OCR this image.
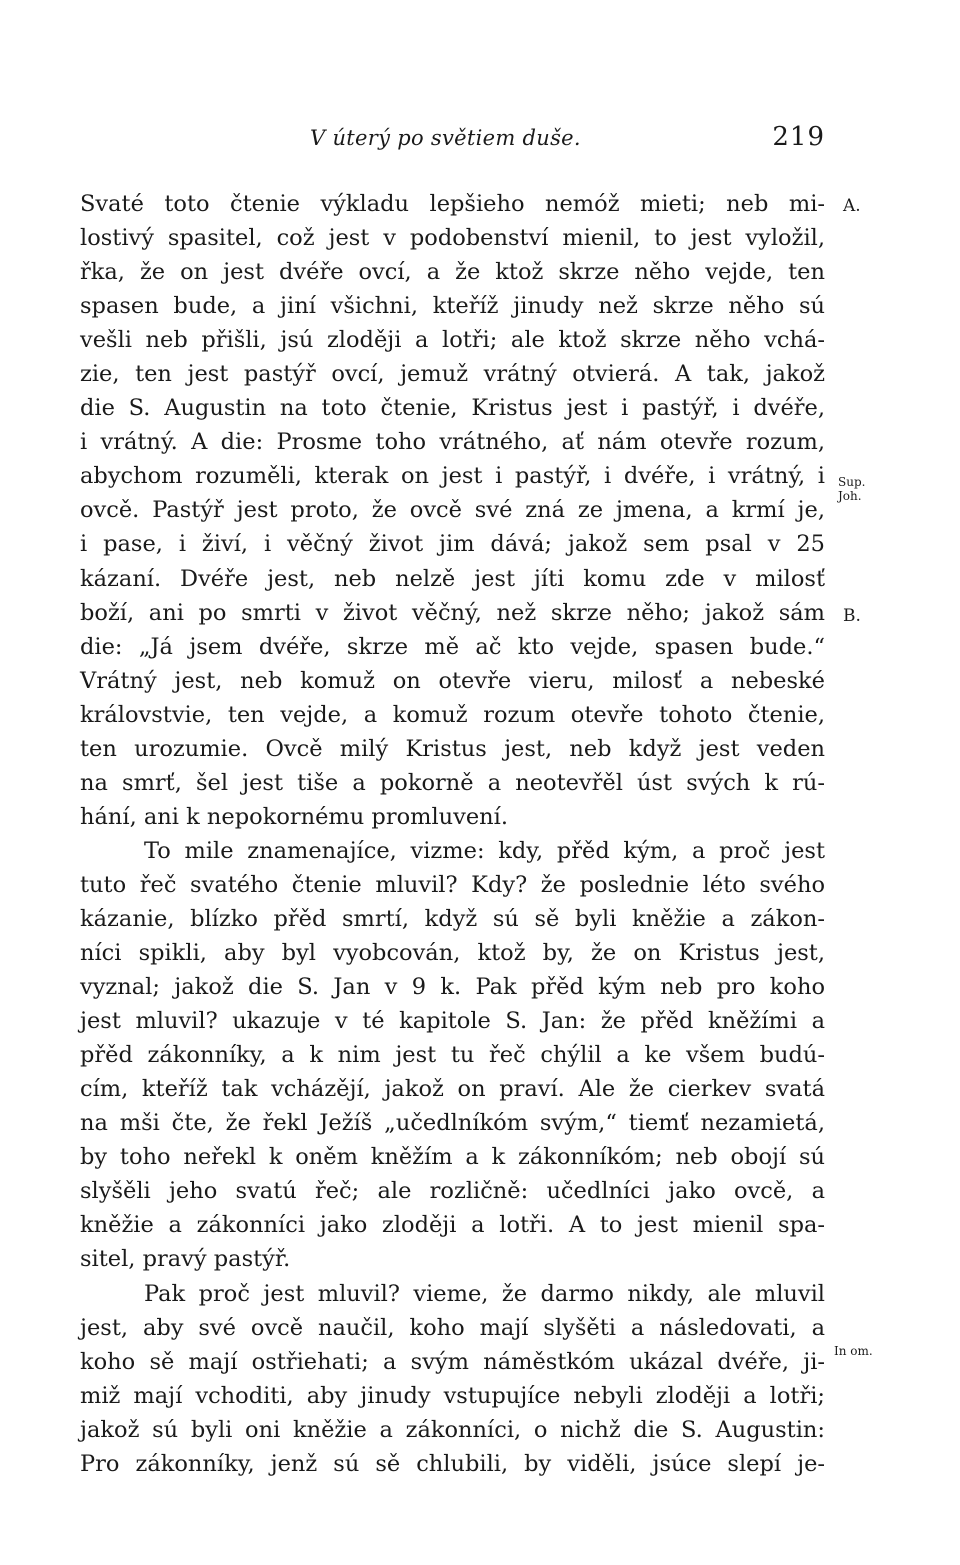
V úterý po světiem duše.	219
Svaté toto čtenie výkladu lepšieho nemóž mieti; neb mi-
lostivý spasitel, což jest v podobenství mienil, to jest vyložil,
řka, že on jest dvéře ovcí, a že ktož skrze něho vejde, ten
spasen bude, a jiní všichni, kteříž jinudy než skrze něho sú
vešli neb přišli, jsú zloději a lotři; ale ktož skrze něho vchá-
zie, ten jest pastýř ovcí, jemuž vrátný otvierá. A tak, jakož
die S. Augustin na toto čtenie, Kristus jest i pastýř, i dvéře,
i vrátný. A die: Prosme toho vrátného, ať nám otevře rozum,
abychom rozuměli, kterak on jest i pastýř, i dvéře, i vrátný, i
ovcě. Pastýř jest proto, že ovcě své zná ze jmena, a krmí je,
i pase, i živí, i věčný život jim dává; jakož sem psal v 25
kázaní. Dvéře jest, neb nelzě jest jíti komu zde v milosť
boží, ani po smrti v život věčný, než skrze něho; jakož sám
die: „Já jsem dvéře, skrze mě ač kto vejde, spasen bude.“
Vrátný jest, neb komuž on otevře vieru, milosť a nebeské
královstvie, ten vejde, a komuž rozum otevře tohoto čtenie,
ten urozumie. Ovcě milý Kristus jest, neb když jest veden
na smrť, šel jest tiše a pokorně a neotevřěl úst svých k rú-
hání, ani k nepokornému promluvení.
To mile znamenajíce, vizme: kdy, přěd kým, a proč jest
tuto řeč svatého čtenie mluvil? Kdy? že poslednie léto svého
kázanie, blízko přěd smrtí, když sú sě byli kněžie a zákon-
níci spikli, aby byl vyobcován, ktož by, že on Kristus jest,
vyznal; jakož die S. Jan v 9 k. Pak přěd kým neb pro koho
jest mluvil? ukazuje v té kapitole S. Jan: že přěd kněžími a
přěd zákonníky, a k nim jest tu řeč chýlil a ke všem budú-
cím, kteříž tak vcházějí, jakož on praví. Ale že cierkev svatá
na mši čte, že řekl Ježíš „učedlníkóm svým,“ tiemť nezamietá,
by toho neřekl k oněm kněžím a k zákonníkóm; neb obojí sú
slyšěli jeho svatú řeč; ale rozličně: učedlníci jako ovcě, a
kněžie a zákonníci jako zloději a lotři. A to jest mienil spa-
sitel, pravý pastýř.
Pak proč jest mluvil? vieme, že darmo nikdy, ale mluvil
jest, aby své ovcě naučil, koho mají slyšěti a následovati, a
koho sě mají ostřiehati; a svým náměstkóm ukázal dvéře, ji-
miž mají vchoditi, aby jinudy vstupujíce nebyli zloději a lotři;
jakož sú byli oni kněžie a zákonníci, o nichž die S. Augustin:
Pro zákonníky, jenž sú sě chlubili, by viděli, jsúce slepí je-
A.
Sup.
Joh.
B.
In om.
